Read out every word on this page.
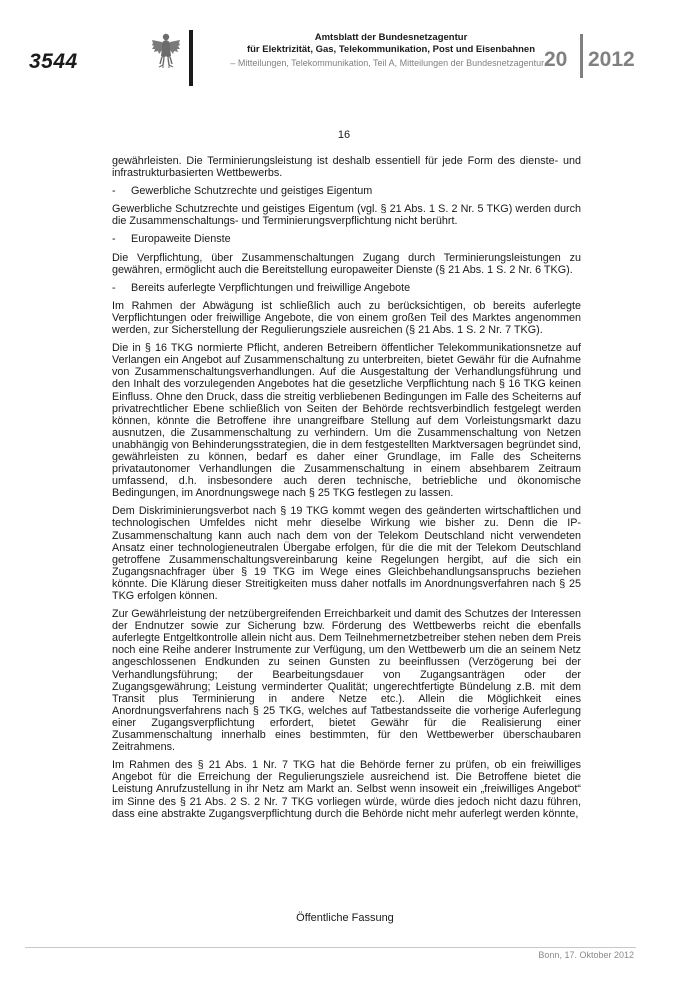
3544
Amtsblatt der Bundesnetzagentur
für Elektrizität, Gas, Telekommunikation, Post und Eisenbahnen
– Mitteilungen, Telekommunikation, Teil A, Mitteilungen der Bundesnetzagentur –
20 2012
16

gewährleisten. Die Terminierungsleistung ist deshalb essentiell für jede Form des dienste- und infrastrukturbasierten Wettbewerbs.

- Gewerbliche Schutzrechte und geistiges Eigentum

Gewerbliche Schutzrechte und geistiges Eigentum (vgl. § 21 Abs. 1 S. 2 Nr. 5 TKG) werden durch die Zusammenschaltungs- und Terminierungsverpflichtung nicht berührt.

- Europaweite Dienste

Die Verpflichtung, über Zusammenschaltungen Zugang durch Terminierungsleistungen zu gewähren, ermöglicht auch die Bereitstellung europaweiter Dienste (§ 21 Abs. 1 S. 2 Nr. 6 TKG).

- Bereits auferlegte Verpflichtungen und freiwillige Angebote

Im Rahmen der Abwägung ist schließlich auch zu berücksichtigen, ob bereits auferlegte Verpflichtungen oder freiwillige Angebote, die von einem großen Teil des Marktes angenommen werden, zur Sicherstellung der Regulierungsziele ausreichen (§ 21 Abs. 1 S. 2 Nr. 7 TKG).

Die in § 16 TKG normierte Pflicht, anderen Betreibern öffentlicher Telekommunikationsnetze auf Verlangen ein Angebot auf Zusammenschaltung zu unterbreiten, bietet Gewähr für die Aufnahme von Zusammenschaltungsverhandlungen. Auf die Ausgestaltung der Verhandlungsführung und den Inhalt des vorzulegenden Angebotes hat die gesetzliche Verpflichtung nach § 16 TKG keinen Einfluss. Ohne den Druck, dass die streitig verbliebenen Bedingungen im Falle des Scheiterns auf privatrechtlicher Ebene schließlich von Seiten der Behörde rechtsverbindlich festgelegt werden können, könnte die Betroffene ihre unangreifbare Stellung auf dem Vorleistungsmarkt dazu ausnutzen, die Zusammenschaltung zu verhindern. Um die Zusammenschaltung von Netzen unabhängig von Behinderungsstrategien, die in dem festgestellten Marktversagen begründet sind, gewährleisten zu können, bedarf es daher einer Grundlage, im Falle des Scheiterns privatautonomer Verhandlungen die Zusammenschaltung in einem absehbarem Zeitraum umfassend, d.h. insbesondere auch deren technische, betriebliche und ökonomische Bedingungen, im Anordnungswege nach § 25 TKG festlegen zu lassen.

Dem Diskriminierungsverbot nach § 19 TKG kommt wegen des geänderten wirtschaftlichen und technologischen Umfeldes nicht mehr dieselbe Wirkung wie bisher zu. Denn die IP-Zusammenschaltung kann auch nach dem von der Telekom Deutschland nicht verwendeten Ansatz einer technologieneutralen Übergabe erfolgen, für die die mit der Telekom Deutschland getroffene Zusammenschaltungsvereinbarung keine Regelungen hergibt, auf die sich ein Zugangsnachfrager über § 19 TKG im Wege eines Gleichbehandlungsanspruchs beziehen könnte. Die Klärung dieser Streitigkeiten muss daher notfalls im Anordnungsverfahren nach § 25 TKG erfolgen können.

Zur Gewährleistung der netzübergreifenden Erreichbarkeit und damit des Schutzes der Interessen der Endnutzer sowie zur Sicherung bzw. Förderung des Wettbewerbs reicht die ebenfalls auferlegte Entgeltkontrolle allein nicht aus. Dem Teilnehmernetzbetreiber stehen neben dem Preis noch eine Reihe anderer Instrumente zur Verfügung, um den Wettbewerb um die an seinem Netz angeschlossenen Endkunden zu seinen Gunsten zu beeinflussen (Verzögerung bei der Verhandlungsführung; der Bearbeitungsdauer von Zugangsanträgen oder der Zugangsgewährung; Leistung verminderter Qualität; ungerechtfertigte Bündelung z.B. mit dem Transit plus Terminierung in andere Netze etc.). Allein die Möglichkeit eines Anordnungsverfahrens nach § 25 TKG, welches auf Tatbestandsseite die vorherige Auferlegung einer Zugangsverpflichtung erfordert, bietet Gewähr für die Realisierung einer Zusammenschaltung innerhalb eines bestimmten, für den Wettbewerber überschaubaren Zeitrahmens.

Im Rahmen des § 21 Abs. 1 Nr. 7 TKG hat die Behörde ferner zu prüfen, ob ein freiwilliges Angebot für die Erreichung der Regulierungsziele ausreichend ist. Die Betroffene bietet die Leistung Anrufzustellung in ihr Netz am Markt an. Selbst wenn insoweit ein „freiwilliges Angebot“ im Sinne des § 21 Abs. 2 S. 2 Nr. 7 TKG vorliegen würde, würde dies jedoch nicht dazu führen, dass eine abstrakte Zugangsverpflichtung durch die Behörde nicht mehr auferlegt werden könnte,

Öffentliche Fassung
Bonn, 17. Oktober 2012
